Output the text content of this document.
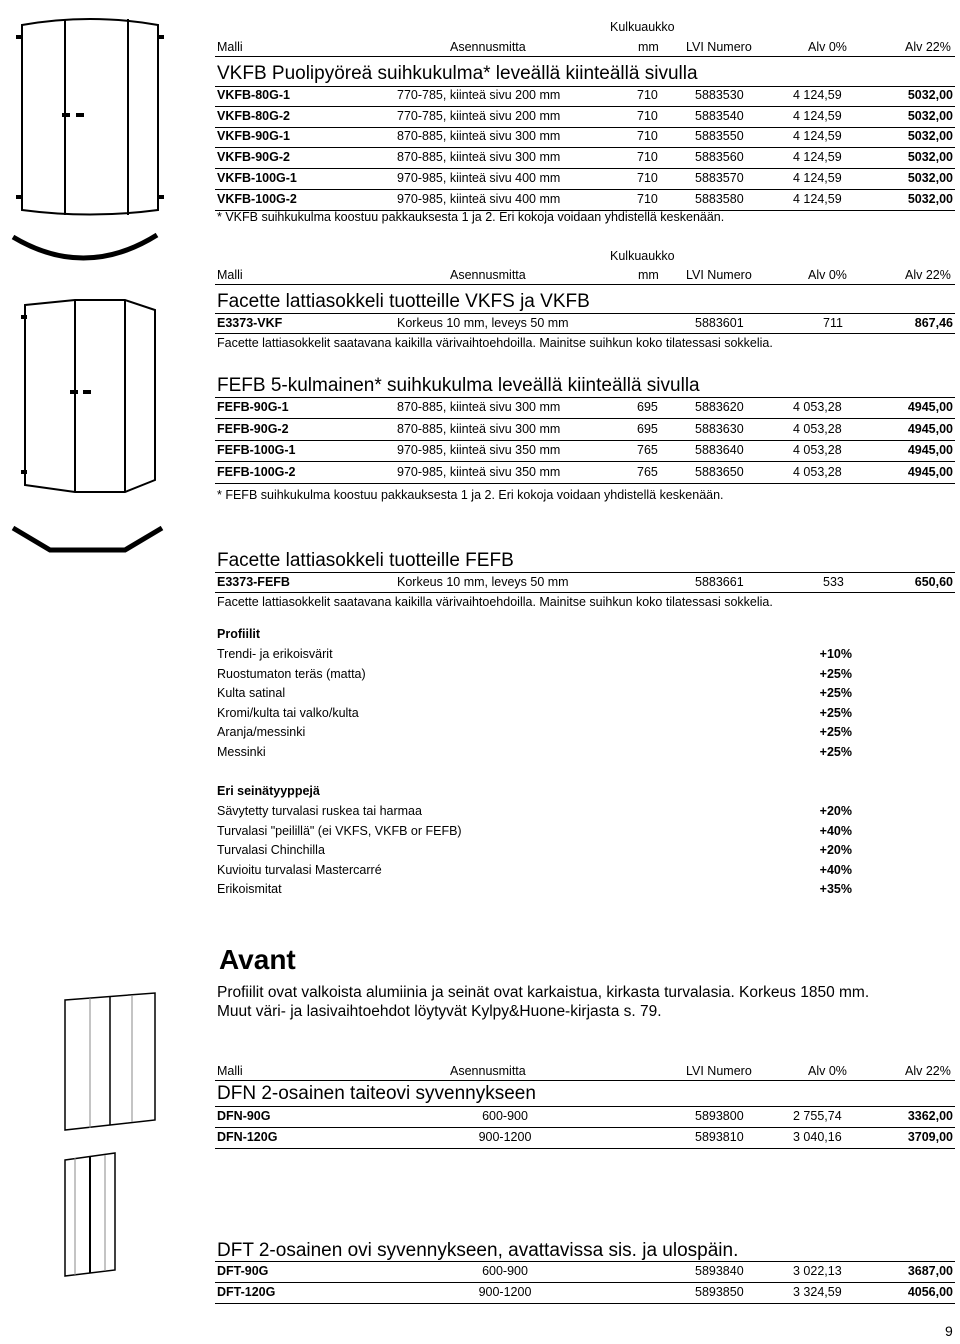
Kulkuaukko
Malli	Asennusmitta	mm LVI Numero	Alv 0%	Alv 22%
VKFB Puolipyöreä suihkukulma* leveällä kiinteällä sivulla
VKFB-80G-1	770-785, kiinteä sivu 200 mm	710	5883530	4 124,59	5032,00
VKFB-80G-2	770-785, kiinteä sivu 200 mm	710	5883540	4 124,59	5032,00
VKFB-90G-1	870-885, kiinteä sivu 300 mm	710	5883550	4 124,59	5032,00
VKFB-90G-2	870-885, kiinteä sivu 300 mm	710	5883560	4 124,59	5032,00
VKFB-100G-1	970-985, kiinteä sivu 400 mm	710	5883570	4 124,59	5032,00
VKFB-100G-2	970-985, kiinteä sivu 400 mm	710	5883580	4 124,59	5032,00
* VKFB suihkukulma koostuu pakkauksesta 1 ja 2. Eri kokoja voidaan yhdistellä keskenään.
Kulkuaukko
Malli	Asennusmitta	mm LVI Numero	Alv 0%	Alv 22%
Facette lattiasokkeli tuotteille VKFS ja VKFB
E3373-VKF	Korkeus 10 mm, leveys 50 mm	5883601	711	867,46
Facette lattiasokkelit saatavana kaikilla värivaihtoehdoilla. Mainitse suihkun koko tilatessasi sokkelia.
FEFB 5-kulmainen* suihkukulma leveällä kiinteällä sivulla
FEFB-90G-1	870-885, kiinteä sivu 300 mm	695	5883620	4 053,28	4945,00
FEFB-90G-2	870-885, kiinteä sivu 300 mm	695	5883630	4 053,28	4945,00
FEFB-100G-1	970-985, kiinteä sivu 350 mm	765	5883640	4 053,28	4945,00
FEFB-100G-2	970-985, kiinteä sivu 350 mm	765	5883650	4 053,28	4945,00
* FEFB suihkukulma koostuu pakkauksesta 1 ja 2. Eri kokoja voidaan yhdistellä keskenään.
Facette lattiasokkeli tuotteille FEFB
E3373-FEFB	Korkeus 10 mm, leveys 50 mm	5883661	533	650,60
Facette lattiasokkelit saatavana kaikilla värivaihtoehdoilla. Mainitse suihkun koko tilatessasi sokkelia.
Profiilit
Trendi- ja erikoisvärit	+10%
Ruostumaton teräs (matta)	+25%
Kulta satinal	+25%
Kromi/kulta tai valko/kulta	+25%
Aranja/messinki	+25%
Messinki	+25%
Eri seinätyyppejä
Sävytetty turvalasi ruskea tai harmaa	+20%
Turvalasi "peilillä" (ei VKFS, VKFB or FEFB)	+40%
Turvalasi Chinchilla	+20%
Kuvioitu turvalasi Mastercarré	+40%
Erikoismitat	+35%
Avant
Profiilit ovat valkoista alumiinia ja seinät ovat karkaistua, kirkasta turvalasia. Korkeus 1850 mm.
Muut väri- ja lasivaihtoehdot löytyvät Kylpy&Huone-kirjasta s. 79.
Malli	Asennusmitta	LVI Numero	Alv 0%	Alv 22%
DFN 2-osainen taiteovi syvennykseen
DFN-90G	600-900	5893800	2 755,74	3362,00
DFN-120G	900-1200	5893810	3 040,16	3709,00
DFT 2-osainen ovi syvennykseen, avattavissa sis. ja ulospäin.
DFT-90G	600-900	5893840	3 022,13	3687,00
DFT-120G	900-1200	5893850	3 324,59	4056,00
9
